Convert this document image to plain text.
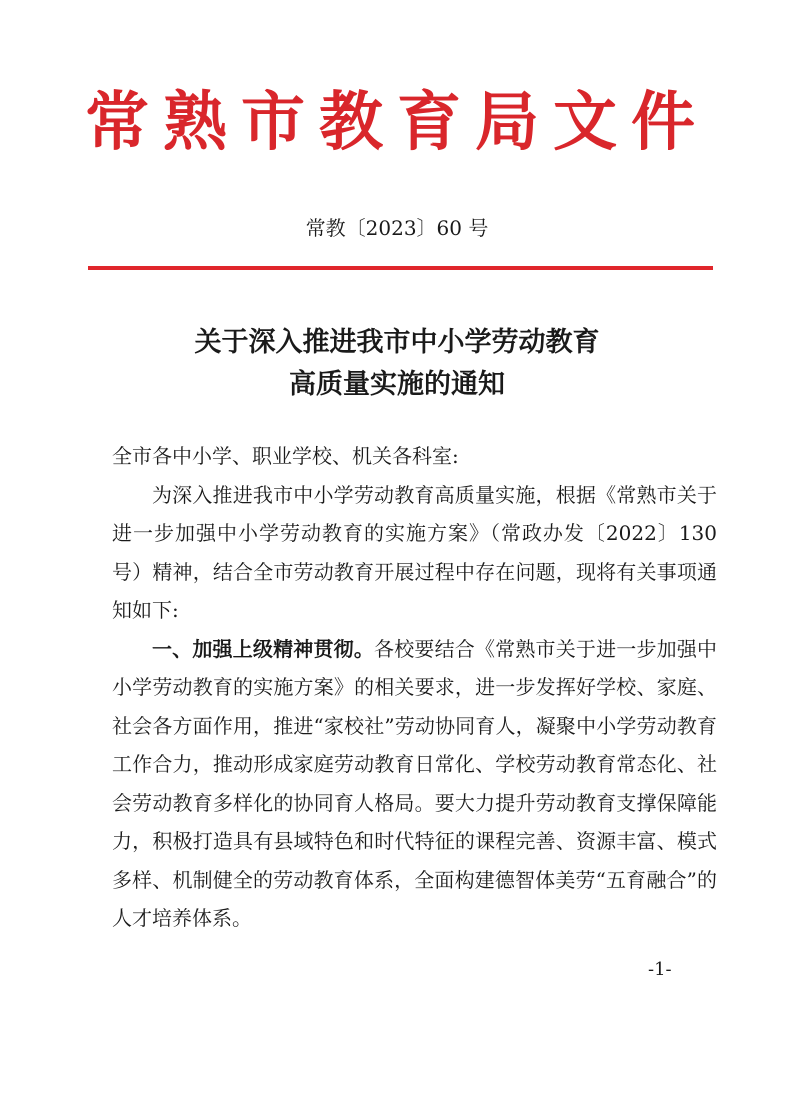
常熟市教育局文件
常教〔2023〕60 号
关于深入推进我市中小学劳动教育
高质量实施的通知

全市各中小学、职业学校、机关各科室:

为深入推进我市中小学劳动教育高质量实施，根据《常熟市关于进一步加强中小学劳动教育的实施方案》（常政办发〔2022〕130 号）精神，结合全市劳动教育开展过程中存在问题，现将有关事项通知如下:

一、加强上级精神贯彻。各校要结合《常熟市关于进一步加强中小学劳动教育的实施方案》的相关要求，进一步发挥好学校、家庭、社会各方面作用，推进“家校社”劳动协同育人，凝聚中小学劳动教育工作合力，推动形成家庭劳动教育日常化、学校劳动教育常态化、社会劳动教育多样化的协同育人格局。要大力提升劳动教育支撑保障能力，积极打造具有县域特色和时代特征的课程完善、资源丰富、模式多样、机制健全的劳动教育体系，全面构建德智体美劳“五育融合”的人才培养体系。

-1-
